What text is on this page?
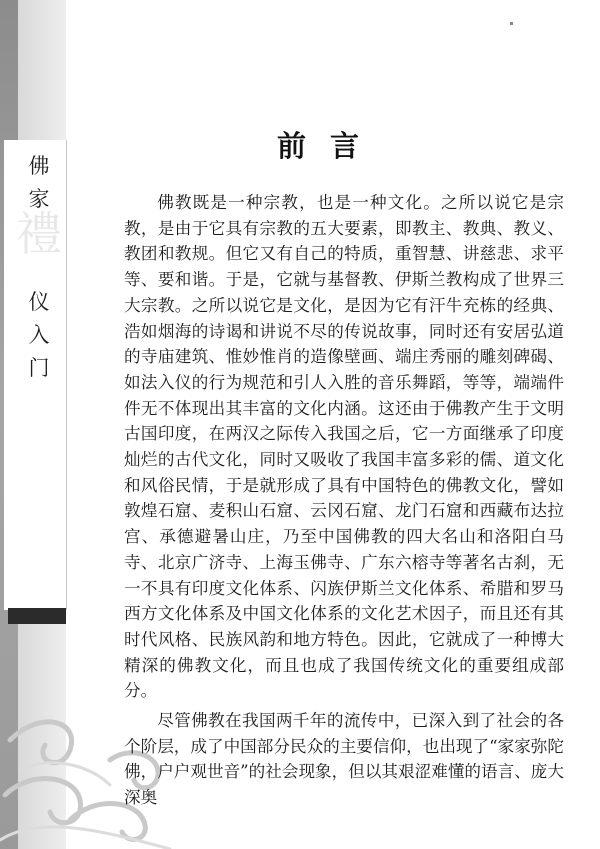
禮
佛
家
仪
入
门
前言

佛教既是一种宗教，也是一种文化。之所以说它是宗教，是由于它具有宗教的五大要素，即教主、教典、教义、教团和教规。但它又有自己的特质，重智慧、讲慈悲、求平等、要和谐。于是，它就与基督教、伊斯兰教构成了世界三大宗教。之所以说它是文化，是因为它有汗牛充栋的经典、浩如烟海的诗谒和讲说不尽的传说故事，同时还有安居弘道的寺庙建筑、惟妙惟肖的造像壁画、端庄秀丽的雕刻碑碣、如法入仪的行为规范和引人入胜的音乐舞蹈，等等，端端件件无不体现出其丰富的文化内涵。这还由于佛教产生于文明古国印度，在两汉之际传入我国之后，它一方面继承了印度灿烂的古代文化，同时又吸收了我国丰富多彩的儒、道文化和风俗民情，于是就形成了具有中国特色的佛教文化，譬如敦煌石窟、麦积山石窟、云冈石窟、龙门石窟和西藏布达拉宫、承德避暑山庄，乃至中国佛教的四大名山和洛阳白马寺、北京广济寺、上海玉佛寺、广东六榕寺等著名古刹，无一不具有印度文化体系、闪族伊斯兰文化体系、希腊和罗马西方文化体系及中国文化体系的文化艺术因子，而且还有其时代风格、民族风韵和地方特色。因此，它就成了一种博大精深的佛教文化，而且也成了我国传统文化的重要组成部分。

尽管佛教在我国两千年的流传中，已深入到了社会的各个阶层，成了中国部分民众的主要信仰，也出现了“家家弥陀佛，户户观世音”的社会现象，但以其艰涩难懂的语言、庞大深奥
